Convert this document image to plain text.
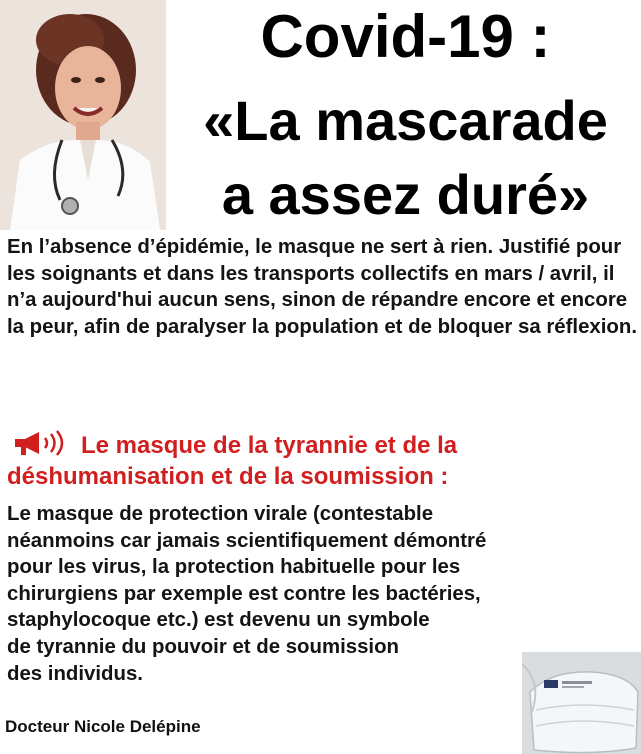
Covid-19 :
«La mascarade
a assez duré»
En l’absence d’épidémie, le masque ne sert à rien. Justifié pour les soignants et dans les transports collectifs en mars / avril, il n’a aujourd'hui aucun sens, sinon de répandre encore et encore la peur, afin de paralyser la population et de bloquer sa réflexion.
Le masque de la tyrannie et de la
déshumanisation et de la soumission :
Le masque de protection virale (contestable
néanmoins car jamais scientifiquement démontré
pour les virus, la protection habituelle pour les
chirurgiens par exemple est contre les bactéries,
staphylocoque etc.) est devenu un symbole
de tyrannie du pouvoir et de soumission
des individus.
Docteur Nicole Delépine
